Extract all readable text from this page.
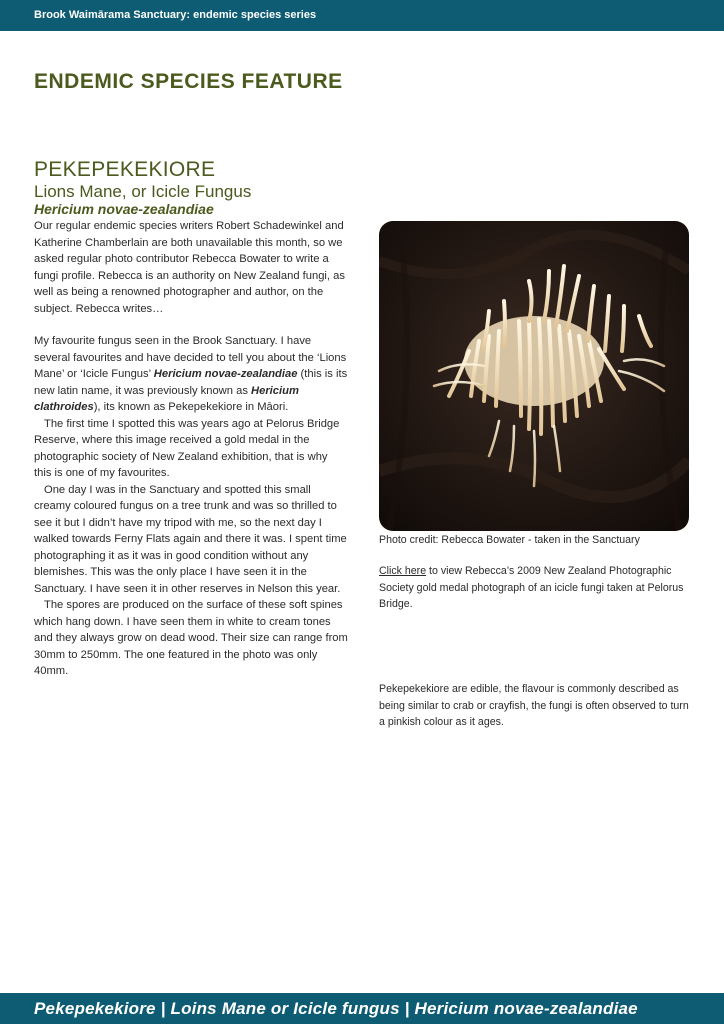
Brook Waimārama Sanctuary: endemic species series
ENDEMIC SPECIES FEATURE
PEKEPEKEKIORE
Lions Mane, or Icicle Fungus
Hericium novae-zealandiae

Our regular endemic species writers Robert Schadewinkel and Katherine Chamberlain are both unavailable this month, so we asked regular photo contributor Rebecca Bowater to write a fungi profile. Rebecca is an authority on New Zealand fungi, as well as being a renowned photographer and author, on the subject. Rebecca writes…

My favourite fungus seen in the Brook Sanctuary. I have several favourites and have decided to tell you about the ‘Lions Mane’ or ‘Icicle Fungus’ Hericium novae-zealandiae (this is its new latin name, it was previously known as Hericium clathroides), its known as Pekepekekiore in Māori.

The first time I spotted this was years ago at Pelorus Bridge Reserve, where this image received a gold medal in the photographic society of New Zealand exhibition, that is why this is one of my favourites.

One day I was in the Sanctuary and spotted this small creamy coloured fungus on a tree trunk and was so thrilled to see it but I didn’t have my tripod with me, so the next day I walked towards Ferny Flats again and there it was. I spent time photographing it as it was in good condition without any blemishes. This was the only place I have seen it in the Sanctuary. I have seen it in other reserves in Nelson this year.

The spores are produced on the surface of these soft spines which hang down. I have seen them in white to cream tones and they always grow on dead wood. Their size can range from 30mm to 250mm. The one featured in the photo was only 40mm.

Photo credit: Rebecca Bowater - taken in the Sanctuary
Click here to view Rebecca’s 2009 New Zealand Photographic Society gold medal photograph of an icicle fungi taken at Pelorus Bridge.
Pekepekekiore are edible, the flavour is commonly described as being similar to crab or crayfish, the fungi is often observed to turn a pinkish colour as it ages.
Pekepekekiore | Loins Mane or Icicle fungus | Hericium novae-zealandiae
